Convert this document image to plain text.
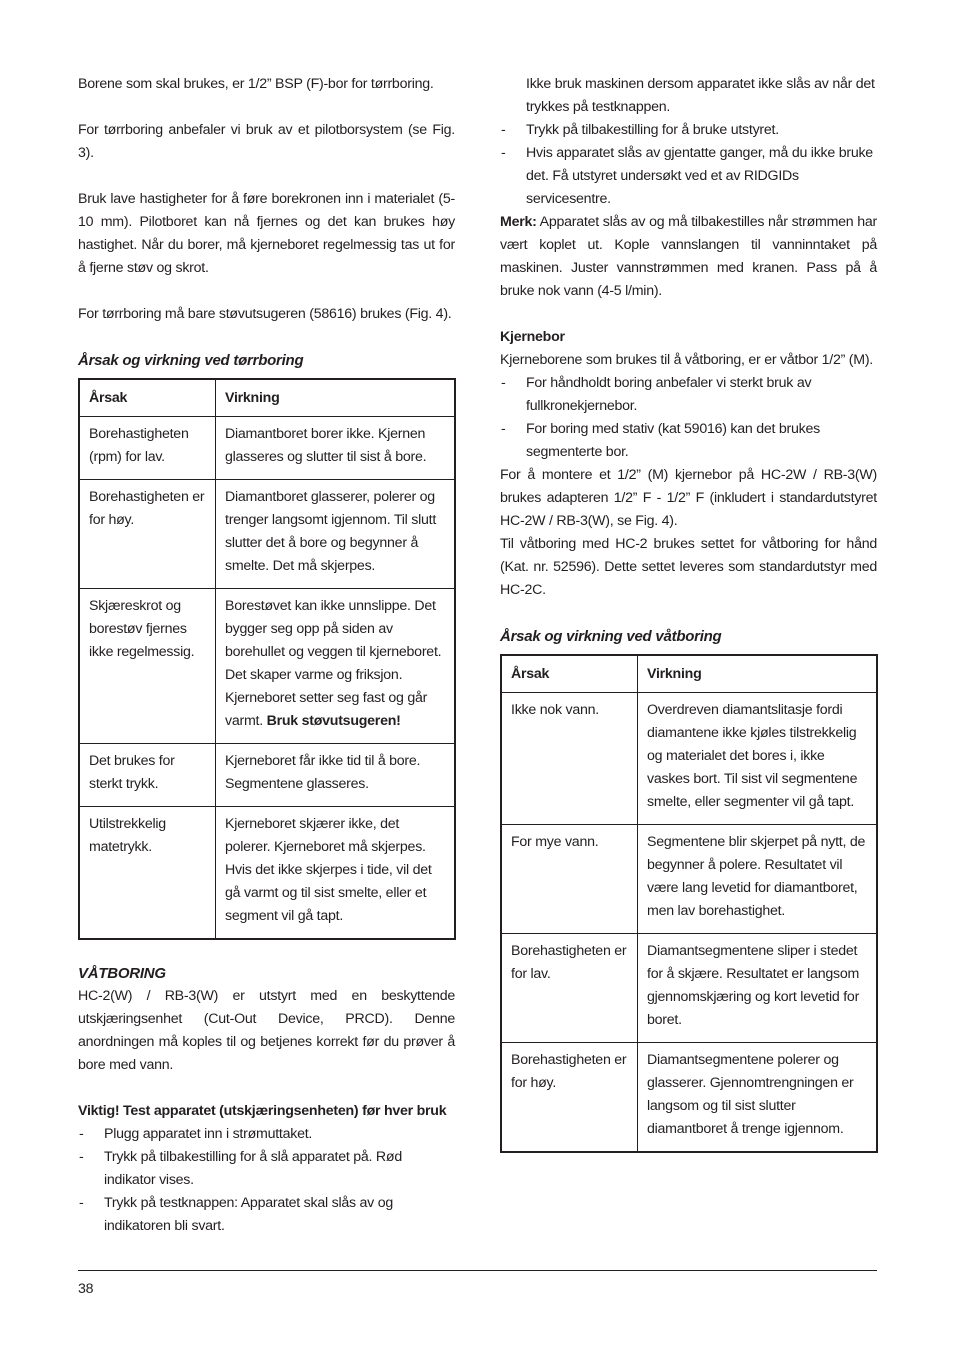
Borene som skal brukes, er 1/2” BSP (F)-bor for tørrboring.

For tørrboring anbefaler vi bruk av et pilotborsystem (se Fig. 3).

Bruk lave hastigheter for å føre borekronen inn i materialet (5-10 mm). Pilotboret kan nå fjernes og det kan brukes høy hastighet. Når du borer, må kjerneboret regelmessig tas ut for å fjerne støv og skrot.

For tørrboring må bare støvutsugeren (58616) brukes (Fig. 4).

Årsak og virkning ved tørrboring
Årsak	Virkning
Borehastigheten (rpm) for lav.	Diamantboret borer ikke. Kjernen glasseres og slutter til sist å bore.
Borehastigheten er for høy.	Diamantboret glasserer, polerer og trenger langsomt igjennom. Til slutt slutter det å bore og begynner å smelte. Det må skjerpes.
Skjæreskrot og borestøv fjernes ikke regelmessig.	Borestøvet kan ikke unnslippe. Det bygger seg opp på siden av borehullet og veggen til kjerneboret. Det skaper varme og friksjon. Kjerneboret setter seg fast og går varmt. Bruk støvutsugeren!
Det brukes for sterkt trykk.	Kjerneboret får ikke tid til å bore. Segmentene glasseres.
Utilstrekkelig matetrykk.	Kjerneboret skjærer ikke, det polerer. Kjerneboret må skjerpes. Hvis det ikke skjerpes i tide, vil det gå varmt og til sist smelte, eller et segment vil gå tapt.
VÅTBORING

HC-2(W) / RB-3(W) er utstyrt med en beskyttende utskjæringsenhet (Cut-Out Device, PRCD). Denne anordningen må koples til og betjenes korrekt før du prøver å bore med vann.

Viktig! Test apparatet (utskjæringsenheten) før hver bruk

- Plugg apparatet inn i strømuttaket.
- Trykk på tilbakestilling for å slå apparatet på. Rød indikator vises.
- Trykk på testknappen: Apparatet skal slås av og indikatoren bli svart.

Ikke bruk maskinen dersom apparatet ikke slås av når det trykkes på testknappen.

- Trykk på tilbakestilling for å bruke utstyret.
- Hvis apparatet slås av gjentatte ganger, må du ikke bruke det. Få utstyret undersøkt ved et av RIDGIDs servicesentre.

Merk: Apparatet slås av og må tilbakestilles når strømmen har vært koplet ut. Kople vannslangen til vanninntaket på maskinen. Juster vannstrømmen med kranen. Pass på å bruke nok vann (4-5 l/min).

Kjernebor

Kjerneborene som brukes til å våtboring, er er våtbor 1/2” (M).

- For håndholdt boring anbefaler vi sterkt bruk av fullkronekjernebor.
- For boring med stativ (kat 59016) kan det brukes segmenterte bor.

For å montere et 1/2” (M) kjernebor på HC-2W / RB-3(W) brukes adapteren 1/2” F - 1/2” F (inkludert i standardutstyret HC-2W / RB-3(W), se Fig. 4).

Til våtboring med HC-2 brukes settet for våtboring for hånd (Kat. nr. 52596). Dette settet leveres som standardutstyr med HC-2C.

Årsak og virkning ved våtboring
Årsak	Virkning
Ikke nok vann.	Overdreven diamantslitasje fordi diamantene ikke kjøles tilstrekkelig og materialet det bores i, ikke vaskes bort. Til sist vil segmentene smelte, eller segmenter vil gå tapt.
For mye vann.	Segmentene blir skjerpet på nytt, de begynner å polere. Resultatet vil være lang levetid for diamantboret, men lav borehastighet.
Borehastigheten er for lav.	Diamantsegmentene sliper i stedet for å skjære. Resultatet er langsom gjennomskjæring og kort levetid for boret.
Borehastigheten er for høy.	Diamantsegmentene polerer og glasserer. Gjennomtrengningen er langsom og til sist slutter diamantboret å trenge igjennom.
38
